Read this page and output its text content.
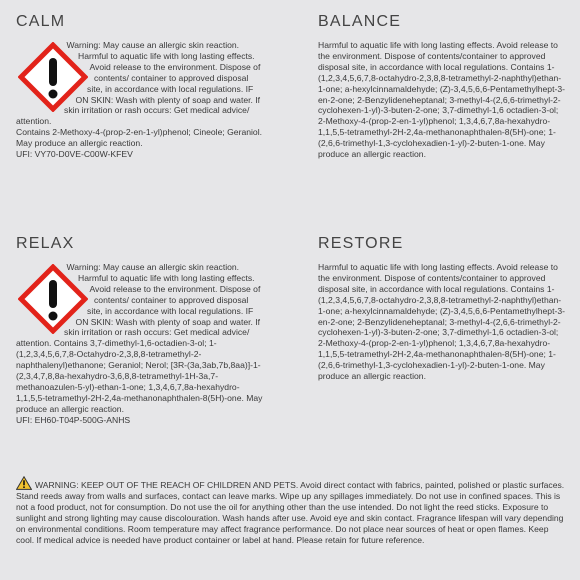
CALM
Warning: May cause an allergic skin reaction. Harmful to aquatic life with long lasting effects. Avoid release to the environment. Dispose of contents/ container to approved disposal site, in accordance with local regulations. IF ON SKIN: Wash with plenty of soap and water. If skin irritation or rash occurs: Get medical advice/ attention.
Contains 2-Methoxy-4-(prop-2-en-1-yl)phenol; Cineole; Geraniol. May produce an allergic reaction.
UFI: VY70-D0VE-C00W-KFEV
BALANCE
Harmful to aquatic life with long lasting effects. Avoid release to the environment. Dispose of contents/container to approved disposal site, in accordance with local regulations. Contains 1-(1,2,3,4,5,6,7,8-octahydro-2,3,8,8-tetramethyl-2-naphthyl)ethan-1-one; a-hexylcinnamaldehyde; (Z)-3,4,5,6,6-Pentamethylhept-3-en-2-one; 2-Benzylideneheptanal; 3-methyl-4-(2,6,6-trimethyl-2-cyclohexen-1-yl)-3-buten-2-one; 3,7-dimethyl-1,6 octadien-3-ol; 2-Methoxy-4-(prop-2-en-1-yl)phenol; 1,3,4,6,7,8a-hexahydro-1,1,5,5-tetramethyl-2H-2,4a-methanonaphthalen-8(5H)-one; 1-(2,6,6-trimethyl-1,3-cyclohexadien-1-yl)-2-buten-1-one. May produce an allergic reaction.
RELAX
Warning: May cause an allergic skin reaction. Harmful to aquatic life with long lasting effects. Avoid release to the environment. Dispose of contents/ container to approved disposal site, in accordance with local regulations. IF ON SKIN: Wash with plenty of soap and water. If skin irritation or rash occurs: Get medical advice/ attention. Contains 3,7-dimethyl-1,6-octadien-3-ol; 1-(1,2,3,4,5,6,7,8-Octahydro-2,3,8,8-tetramethyl-2-naphthalenyl)ethanone; Geraniol; Nerol; [3R-(3a,3ab,7b,8aa)]-1-(2,3,4,7,8,8a-hexahydro-3,6,8,8-tetramethyl-1H-3a,7-methanoazulen-5-yl)-ethan-1-one; 1,3,4,6,7,8a-hexahydro-1,1,5,5-tetramethyl-2H-2,4a-methanonaphthalen-8(5H)-one. May produce an allergic reaction.
UFI: EH60-T04P-500G-ANHS
RESTORE
Harmful to aquatic life with long lasting effects. Avoid release to the environment. Dispose of contents/container to approved disposal site, in accordance with local regulations. Contains 1-(1,2,3,4,5,6,7,8-octahydro-2,3,8,8-tetramethyl-2-naphthyl)ethan-1-one; a-hexylcinnamaldehyde; (Z)-3,4,5,6,6-Pentamethylhept-3-en-2-one; 2-Benzylideneheptanal; 3-methyl-4-(2,6,6-trimethyl-2-cyclohexen-1-yl)-3-buten-2-one; 3,7-dimethyl-1,6 octadien-3-ol; 2-Methoxy-4-(prop-2-en-1-yl)phenol; 1,3,4,6,7,8a-hexahydro-1,1,5,5-tetramethyl-2H-2,4a-methanonaphthalen-8(5H)-one; 1-(2,6,6-trimethyl-1,3-cyclohexadien-1-yl)-2-buten-1-one. May produce an allergic reaction.
WARNING: KEEP OUT OF THE REACH OF CHILDREN AND PETS. Avoid direct contact with fabrics, painted, polished or plastic surfaces. Stand reeds away from walls and surfaces, contact can leave marks. Wipe up any spillages immediately. Do not use in confined spaces. This is not a food product, not for consumption. Do not use the oil for anything other than the use intended. Do not light the reed sticks. Exposure to sunlight and strong lighting may cause discolouration. Wash hands after use. Avoid eye and skin contact. Fragrance lifespan will vary depending on environmental conditions. Room temperature may affect fragrance performance. Do not place near sources of heat or open flames. Keep cool. If medical advice is needed have product container or label at hand. Please retain for future reference.
